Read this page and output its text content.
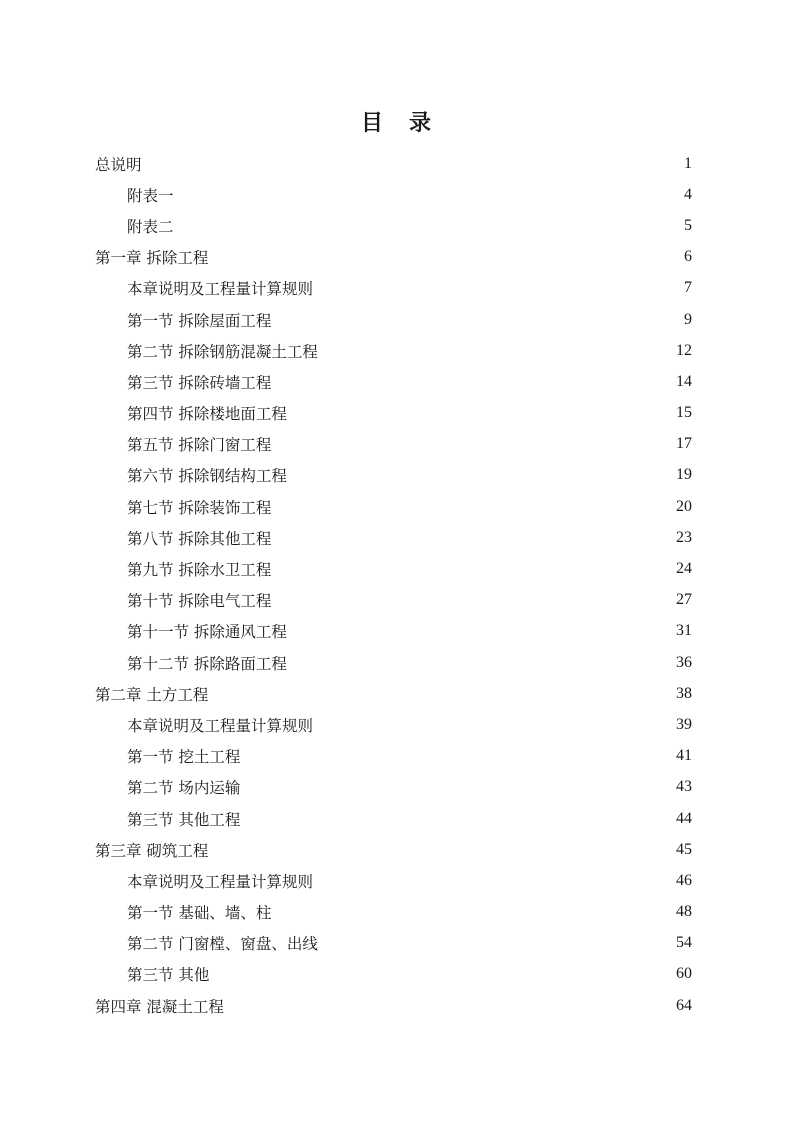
目　录
总说明	1
附表一	4
附表二	5
第一章 拆除工程	6
本章说明及工程量计算规则	7
第一节 拆除屋面工程	9
第二节 拆除钢筋混凝土工程	12
第三节 拆除砖墙工程	14
第四节 拆除楼地面工程	15
第五节 拆除门窗工程	17
第六节 拆除钢结构工程	19
第七节 拆除装饰工程	20
第八节 拆除其他工程	23
第九节 拆除水卫工程	24
第十节 拆除电气工程	27
第十一节 拆除通风工程	31
第十二节 拆除路面工程	36
第二章 土方工程	38
本章说明及工程量计算规则	39
第一节 挖土工程	41
第二节 场内运输	43
第三节 其他工程	44
第三章 砌筑工程	45
本章说明及工程量计算规则	46
第一节 基础、墙、柱	48
第二节 门窗樘、窗盘、出线	54
第三节 其他	60
第四章 混凝土工程	64
